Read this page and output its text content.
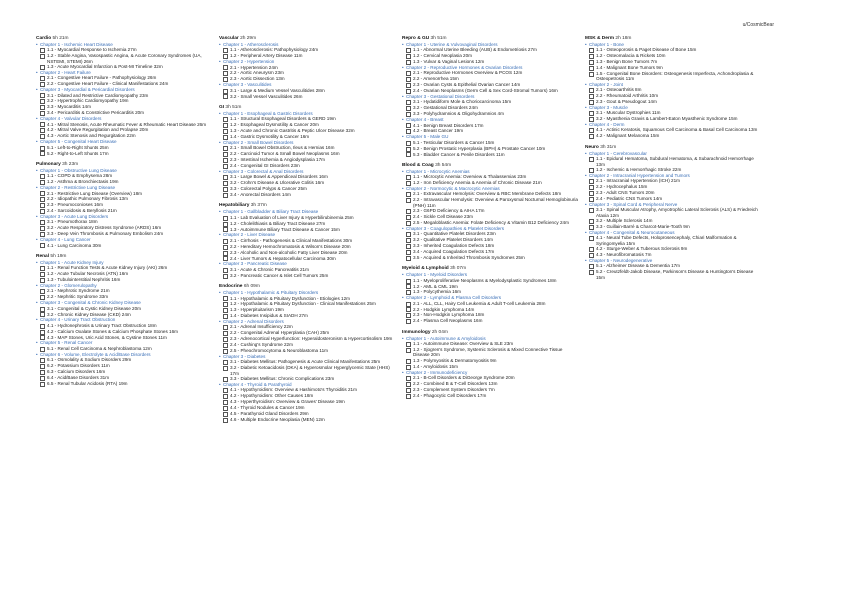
u/CosmicBear
Cardio 5h 21m
• Chapter 1 - Ischemic Heart Disease
1.1 - Myocardial Response to Ischemia 27m
1.2 - Stable Angina, Vasospastic Angina, & Acute Coronary Syndromes (UA, NSTEMI, STEMI) 26m
1.3 - Acute Myocardial Infarction & Post-MI Timeline 32m
• Chapter 2 - Heart Failure
2.1 - Congestive Heart Failure - Pathophysiology 26m
2.2 - Congestive Heart Failure - Clinical Manifestations 24m
• Chapter 3 - Myocardial & Pericardial Disorders
3.1 - Dilated and Restrictive Cardiomyopathy 23m
3.2 - Hypertrophic Cardiomyopathy 19m
3.3 - Myocarditis 14m
3.4 - Pericarditis & Constrictive Pericarditis 20m
• Chapter 4 - Valvular Disorders
4.1 - Mitral Stenosis, Acute Rheumatic Fever & Rheumatic Heart Disease 26m
4.2 - Mitral Valve Regurgitation and Prolapse 20m
4.3 - Aortic Stenosis and Regurgitation 22m
• Chapter 5 - Congenital Heart Disease
5.1 - Left-to-Right Shunts 25m
5.2 - Right-to-Left Shunts 17m
Pulmonary 3h 23m
• Chapter 1 - Obstructive Lung Disease
1.1 - COPD & Emphysema 28m
1.2 - Asthma & Bronchiectasis 19m
• Chapter 2 - Restrictive Lung Disease
2.1 - Restrictive Lung Disease (Overview) 18m
2.2 - Idiopathic Pulmonary Fibrosis 13m
2.3 - Pneumoconioses 16m
2.4 - Sarcoidosis & Beryllosis 21m
• Chapter 3 - Acute Lung Disorders
3.1 - Pneumothorax 18m
3.2 - Acute Respiratory Distress Syndrome (ARDS) 16m
3.3 - Deep Vein Thrombosis & Pulmonary Embolism 24m
• Chapter 4 - Lung Cancer
4.1 - Lung Carcinoma 30m
Renal 5h 19m
• Chapter 1 - Acute Kidney Injury
1.1 - Renal Function Tests & Acute Kidney Injury (AKI) 26m
1.2 - Acute Tubular Necrosis (ATN) 16m
1.3 - Tubulointerstitial Nephritis 16m
• Chapter 2 - Glomerulopathy
2.1 - Nephrotic Syndrome 21m
2.2 - Nephritic Syndrome 33m
• Chapter 3 - Congenital & Chronic Kidney Disease
3.1 - Congenital & Cystic Kidney Disease 20m
3.2 - Chronic Kidney Disease (CKD) 24m
• Chapter 4 - Urinary Tract Obstruction
4.1 - Hydronephrosis & Urinary Tract Obstruction 18m
4.2 - Calcium Oxalate Stones & Calcium Phosphate Stones 16m
4.3 - MAP Stones, Uric Acid Stones, & Cystine Stones 11m
• Chapter 5 - Renal Cancer
5.1 - Renal Cell Carcinoma & Nephroblastoma 12m
• Chapter 6 - Volume, Electrolyte & Acid/Base Disorders
6.1 - Osmolality & Sodium Disorders 29m
6.2 - Potassium Disorders 11m
6.3 - Calcium Disorders 16m
6.4 - Acid/Base Disorders 31m
6.5 - Renal Tubular Acidosis (RTA) 19m
Vascular 2h 29m
• Chapter 1 - Atherosclerosis
1.1 - Atherosclerosis: Pathophysiology 24m
1.2 - Peripheral Artery Disease 11m
• Chapter 2 - Hypertension
2.1 - Hypertension 24m
2.2 - Aortic Aneurysm 23m
2.3 - Aortic Dissection 13m
• Chapter 3 - Vasculitides
3.1 - Large & Medium Vessel Vasculitides 28m
3.2 - Small Vessel Vasculitides 26m
GI 3h 51m
• Chapter 1 - Esophageal & Gastric Disorders
1.1 - Structural Esophageal Disorders & GERD 19m
1.2 - Esophageal Dysmotility & Cancer 20m
1.3 - Acute and Chronic Gastritis & Peptic Ulcer Disease 32m
1.4 - Gastric Dysmotility & Cancer 16m
• Chapter 2 - Small Bowel Disorders
2.1 - Small Bowel Obstruction, Ileus & Hernias 16m
2.2 - Carcinoid Tumor & Small Bowel Neoplasms 16m
2.3 - Intestinal Ischemia & Angiodysplasia 17m
2.4 - Congenital GI Disorders 23m
• Chapter 3 - Colorectal & Anal Disorders
3.1 - Large Bowel & Appendiceal Disorders 16m
3.2 - Crohn's Disease & Ulcerative Colitis 16m
3.3 - Colorectal Polyps & Cancer 25m
3.4 - Anorectal Disorders 14m
Hepatobiliary 3h 37m
• Chapter 1 - Gallbladder & Biliary Tract Disease
1.1 - Lab Evaluation of Liver Injury & Hyperbilirubinemia 25m
1.2 - Cholelithiasis & Biliary Tract Disease 27m
1.3 - Autoimmune Biliary Tract Disease & Cancer 15m
• Chapter 2 - Liver Disease
2.1 - Cirrhosis - Pathogenesis & Clinical Manifestations 30m
2.2 - Hereditary Hemochromatosis & Wilson's Disease 20m
2.3 - Alcoholic and Non-alcoholic Fatty Liver Disease 20m
2.4 - Liver Tumors & Hepatocellular Carcinoma 30m
• Chapter 3 - Pancreatic Disease
3.1 - Acute & Chronic Pancreatitis 21m
3.2 - Pancreatic Cancer & Islet Cell Tumors 25m
Endocrine 6h 09m
• Chapter 1 - Hypothalamic & Pituitary Disorders
1.1 - Hypothalamic & Pituitary Dysfunction - Etiologies 12m
1.2 - Hypothalamic & Pituitary Dysfunction - Clinical Manifestations 25m
1.3 - Hyperpituitarism 19m
1.4 - Diabetes Insipidus & SIADH 27m
• Chapter 2 - Adrenal Disorders
2.1 - Adrenal Insufficiency 22m
2.2 - Congenital Adrenal Hyperplasia (CAH) 25m
2.3 - Adrenocortical Hyperfunction: Hyperaldosteronism & Hypercortisolism 19m
2.4 - Cushing's Syndrome 22m
2.5 - Pheochromocytoma & Neuroblastoma 11m
• Chapter 3 - Diabetes
3.1 - Diabetes Mellitus: Pathogenesis & Acute Clinical Manifestations 25m
3.2 - Diabetic Ketoacidosis (DKA) & Hyperosmolar Hyperglycemic State (HHS) 17m
3.3 - Diabetes Mellitus: Chronic Complications 23m
• Chapter 4 - Thyroid & Parathyroid
4.1 - Hypothyroidism: Overview & Hashimoto's Thyroiditis 21m
4.2 - Hypothyroidism: Other Causes 18m
4.3 - Hyperthyroidism: Overview & Graves' Disease 19m
4.4 - Thyroid Nodules & Cancer 19m
4.5 - Parathyroid Gland Disorders 29m
4.6 - Multiple Endocrine Neoplasia (MEN) 12m
Repro & GU 3h 51m
• Chapter 1 - Uterine & Vulvovaginal Disorders
1.1 - Abnormal Uterine Bleeding (AUB) & Endometriosis 27m
1.2 - Cervical Neoplasia 20m
1.3 - Vulvar & Vaginal Lesions 12m
• Chapter 2 - Reproductive Hormones & Ovarian Disorders
2.1 - Reproductive Hormones Overview & PCOS 12m
2.2 - Amenorrhea 15m
2.3 - Ovarian Cysts & Epithelial Ovarian Cancer 14m
2.4 - Ovarian Neoplasms (Germ Cell & Sex Cord-Stromal Tumors) 16m
• Chapter 3 - Gestational Disorders
3.1 - Hydatidiform Mole & Choriocarcinoma 15m
3.2 - Gestational Disorders 24m
3.3 - Polyhydramnios & Oligohydramnios 4m
• Chapter 4 - Breast
4.1 - Benign Breast Disorders 17m
4.2 - Breast Cancer 19m
• Chapter 5 - Male GU
5.1 - Testicular Disorders & Cancer 15m
5.2 - Benign Prostatic Hyperplasia (BPH) & Prostate Cancer 10m
5.3 - Bladder Cancer & Penile Disorders 11m
Blood & Coag 3h 54m
• Chapter 1 - Microcytic Anemias
1.1 - Microcytic Anemia: Overview & Thalassemias 23m
1.2 - Iron Deficiency Anemia & Anemia of Chronic Disease 21m
• Chapter 2 - Normocytic & Macrocytic Anemias
2.1 - Extravascular Hemolysis: Overview & RBC Membrane Defects 18m
2.2 - Intravascular Hemolysis: Overview & Paroxysmal Nocturnal Hemoglobinuria (PNH) 11m
2.3 - G6PD Deficiency & AIHA 17m
2.4 - Sickle Cell Disease 23m
2.5 - Megaloblastic Anemia: Folate Deficiency & Vitamin B12 Deficiency 24m
• Chapter 3 - Coagulopathies & Platelet Disorders
3.1 - Quantitative Platelet Disorders 23m
3.2 - Qualitative Platelet Disorders 14m
3.3 - Inherited Coagulation Defects 18m
3.4 - Acquired Coagulation Defects 17m
3.5 - Acquired & Inherited Thrombosis Syndromes 25m
Myeloid & Lymphoid 3h 07m
• Chapter 1 - Myeloid Disorders
1.1 - Myeloproliferative Neoplasms & Myelodysplastic Syndromes 18m
1.2 - AML & CML 19m
1.3 - Polycythemia 16m
• Chapter 2 - Lymphoid & Plasma Cell Disorders
2.1 - ALL, CLL, Hairy Cell Leukemia & Adult T-cell Leukemia 28m
2.2 - Hodgkin Lymphoma 14m
2.3 - Non-Hodgkin Lymphoma 18m
2.4 - Plasma Cell Neoplasms 16m
Immunology 2h 04m
• Chapter 1 - Autoimmune & Amyloidosis
1.1 - Autoimmune Disease: Overview & SLE 23m
1.2 - Sjogren's Syndrome, Systemic Sclerosis & Mixed Connective Tissue Disease 20m
1.3 - Polymyositis & Dermatomyositis 9m
1.4 - Amyloidosis 15m
• Chapter 2 - Immunodeficiency
2.1 - B-Cell Disorders & DiGeorge Syndrome 20m
2.2 - Combined B & T-Cell Disorders 13m
2.3 - Complement System Disorders 7m
2.4 - Phagocytic Cell Disorders 17m
MSK & Derm 2h 18m
• Chapter 1 - Bone
1.1 - Osteoporosis & Paget Disease of Bone 15m
1.2 - Osteomalacia & Rickets 10m
1.3 - Benign Bone Tumors 7m
1.4 - Malignant Bone Tumors 9m
1.5 - Congenital Bone Disorders: Osteogenesis Imperfecta, Achondroplasia & Osteopetrosis 11m
• Chapter 2 - Joint
2.1 - Osteoarthritis 8m
2.2 - Rheumatoid Arthritis 10m
2.3 - Gout & Pseudogout 14m
• Chapter 3 - Muscle
3.1 - Muscular Dystrophies 11m
3.2 - Myasthenia Gravis & Lambert-Eaton Myasthenic Syndrome 15m
• Chapter 4 - Derm
4.1 - Actinic Keratosis, Squamous Cell Carcinoma & Basal Cell Carcinoma 13m
4.2 - Malignant Melanoma 15m
Neuro 3h 31m
• Chapter 1 - Cerebrovascular
1.1 - Epidural Hematoma, Subdural Hematoma, & Subarachnoid Hemorrhage 13m
1.2 - Ischemic & Hemorrhagic Stroke 22m
• Chapter 2 - Intracranial Hypertension and Tumors
2.1 - Intracranial Hypertension (ICH) 21m
2.2 - Hydrocephalus 15m
2.3 - Adult CNS Tumors 20m
2.4 - Pediatric CNS Tumors 14m
• Chapter 3 - Spinal Cord & Peripheral Nerve
3.1 - Spinal Muscular Atrophy, Amyotrophic Lateral Sclerosis (ALS) & Friedreich Ataxia 12m
3.2 - Multiple Sclerosis 14m
3.3 - Guillain-Barré & Charcot-Marie-Tooth 9m
• Chapter 4 - Congenital & Neurocutaneous
4.1 - Neural Tube Defects, Holoprosencephaly, Chiari Malformation & Syringomyelia 15m
4.2 - Sturge-Weber & Tuberous Sclerosis 9m
4.3 - Neurofibromatosis 7m
• Chapter 5 - Neurodegenerative
5.1 - Alzheimer Disease & Dementia 17m
5.2 - Creutzfeldt-Jakob Disease, Parkinson's Disease & Huntington's Disease 15m
